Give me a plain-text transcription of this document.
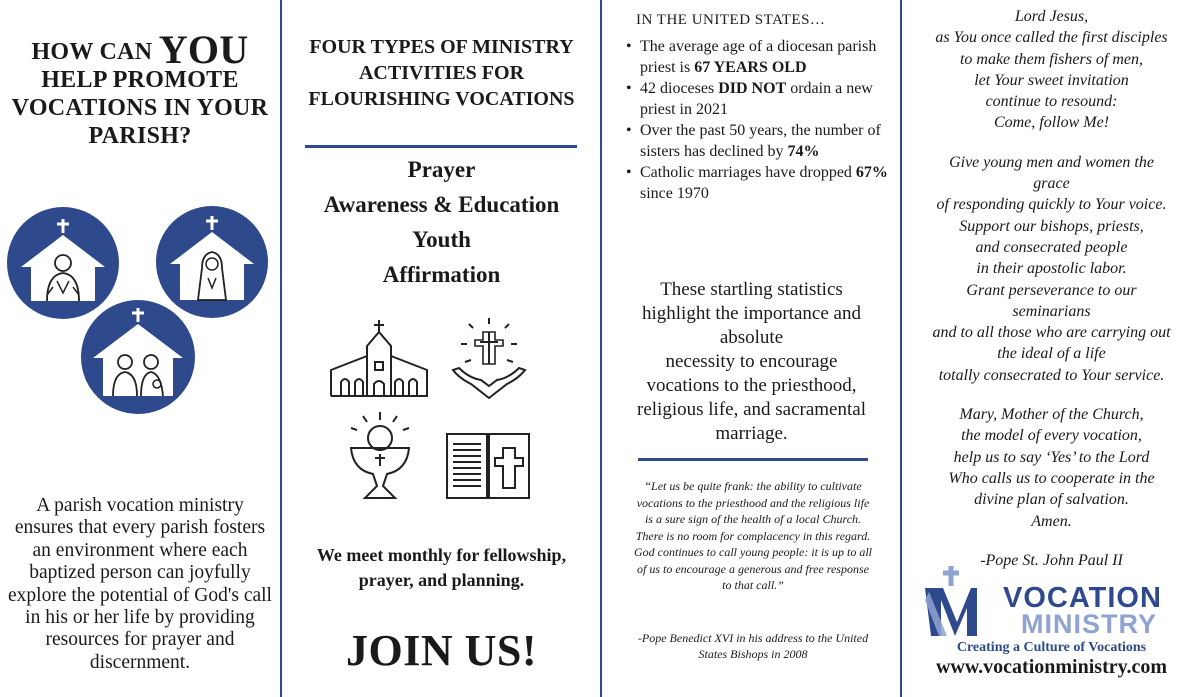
HOW CAN YOU
HELP PROMOTE
VOCATIONS IN YOUR
PARISH?
A parish vocation ministry ensures that every parish fosters an environment where each baptized person can joyfully explore the potential of God's call in his or her life by providing resources for prayer and discernment.
FOUR TYPES OF MINISTRY
ACTIVITIES FOR
FLOURISHING VOCATIONS
Prayer
Awareness & Education
Youth
Affirmation
We meet monthly for fellowship,
prayer, and planning.
JOIN US!
IN THE UNITED STATES…
• The average age of a diocesan parish priest is 67 YEARS OLD
• 42 dioceses DID NOT ordain a new priest in 2021
• Over the past 50 years, the number of sisters has declined by 74%
• Catholic marriages have dropped 67% since 1970
These startling statistics
highlight the importance and
absolute
necessity to encourage
vocations to the priesthood,
religious life, and sacramental
marriage.
“Let us be quite frank: the ability to cultivate vocations to the priesthood and the religious life is a sure sign of the health of a local Church. There is no room for complacency in this regard. God continues to call young people: it is up to all of us to encourage a generous and free response to that call.”
-Pope Benedict XVI in his address to the United States Bishops in 2008
Lord Jesus,
as You once called the first disciples
to make them fishers of men,
let Your sweet invitation
continue to resound:
Come, follow Me!
Give young men and women the
grace
of responding quickly to Your voice.
Support our bishops, priests,
and consecrated people
in their apostolic labor.
Grant perseverance to our
seminarians
and to all those who are carrying out
the ideal of a life
totally consecrated to Your service.
Mary, Mother of the Church,
the model of every vocation,
help us to say ‘Yes’ to the Lord
Who calls us to cooperate in the
divine plan of salvation.
Amen.
-Pope St. John Paul II
VOCATION
MINISTRY
Creating a Culture of Vocations
www.vocationministry.com
